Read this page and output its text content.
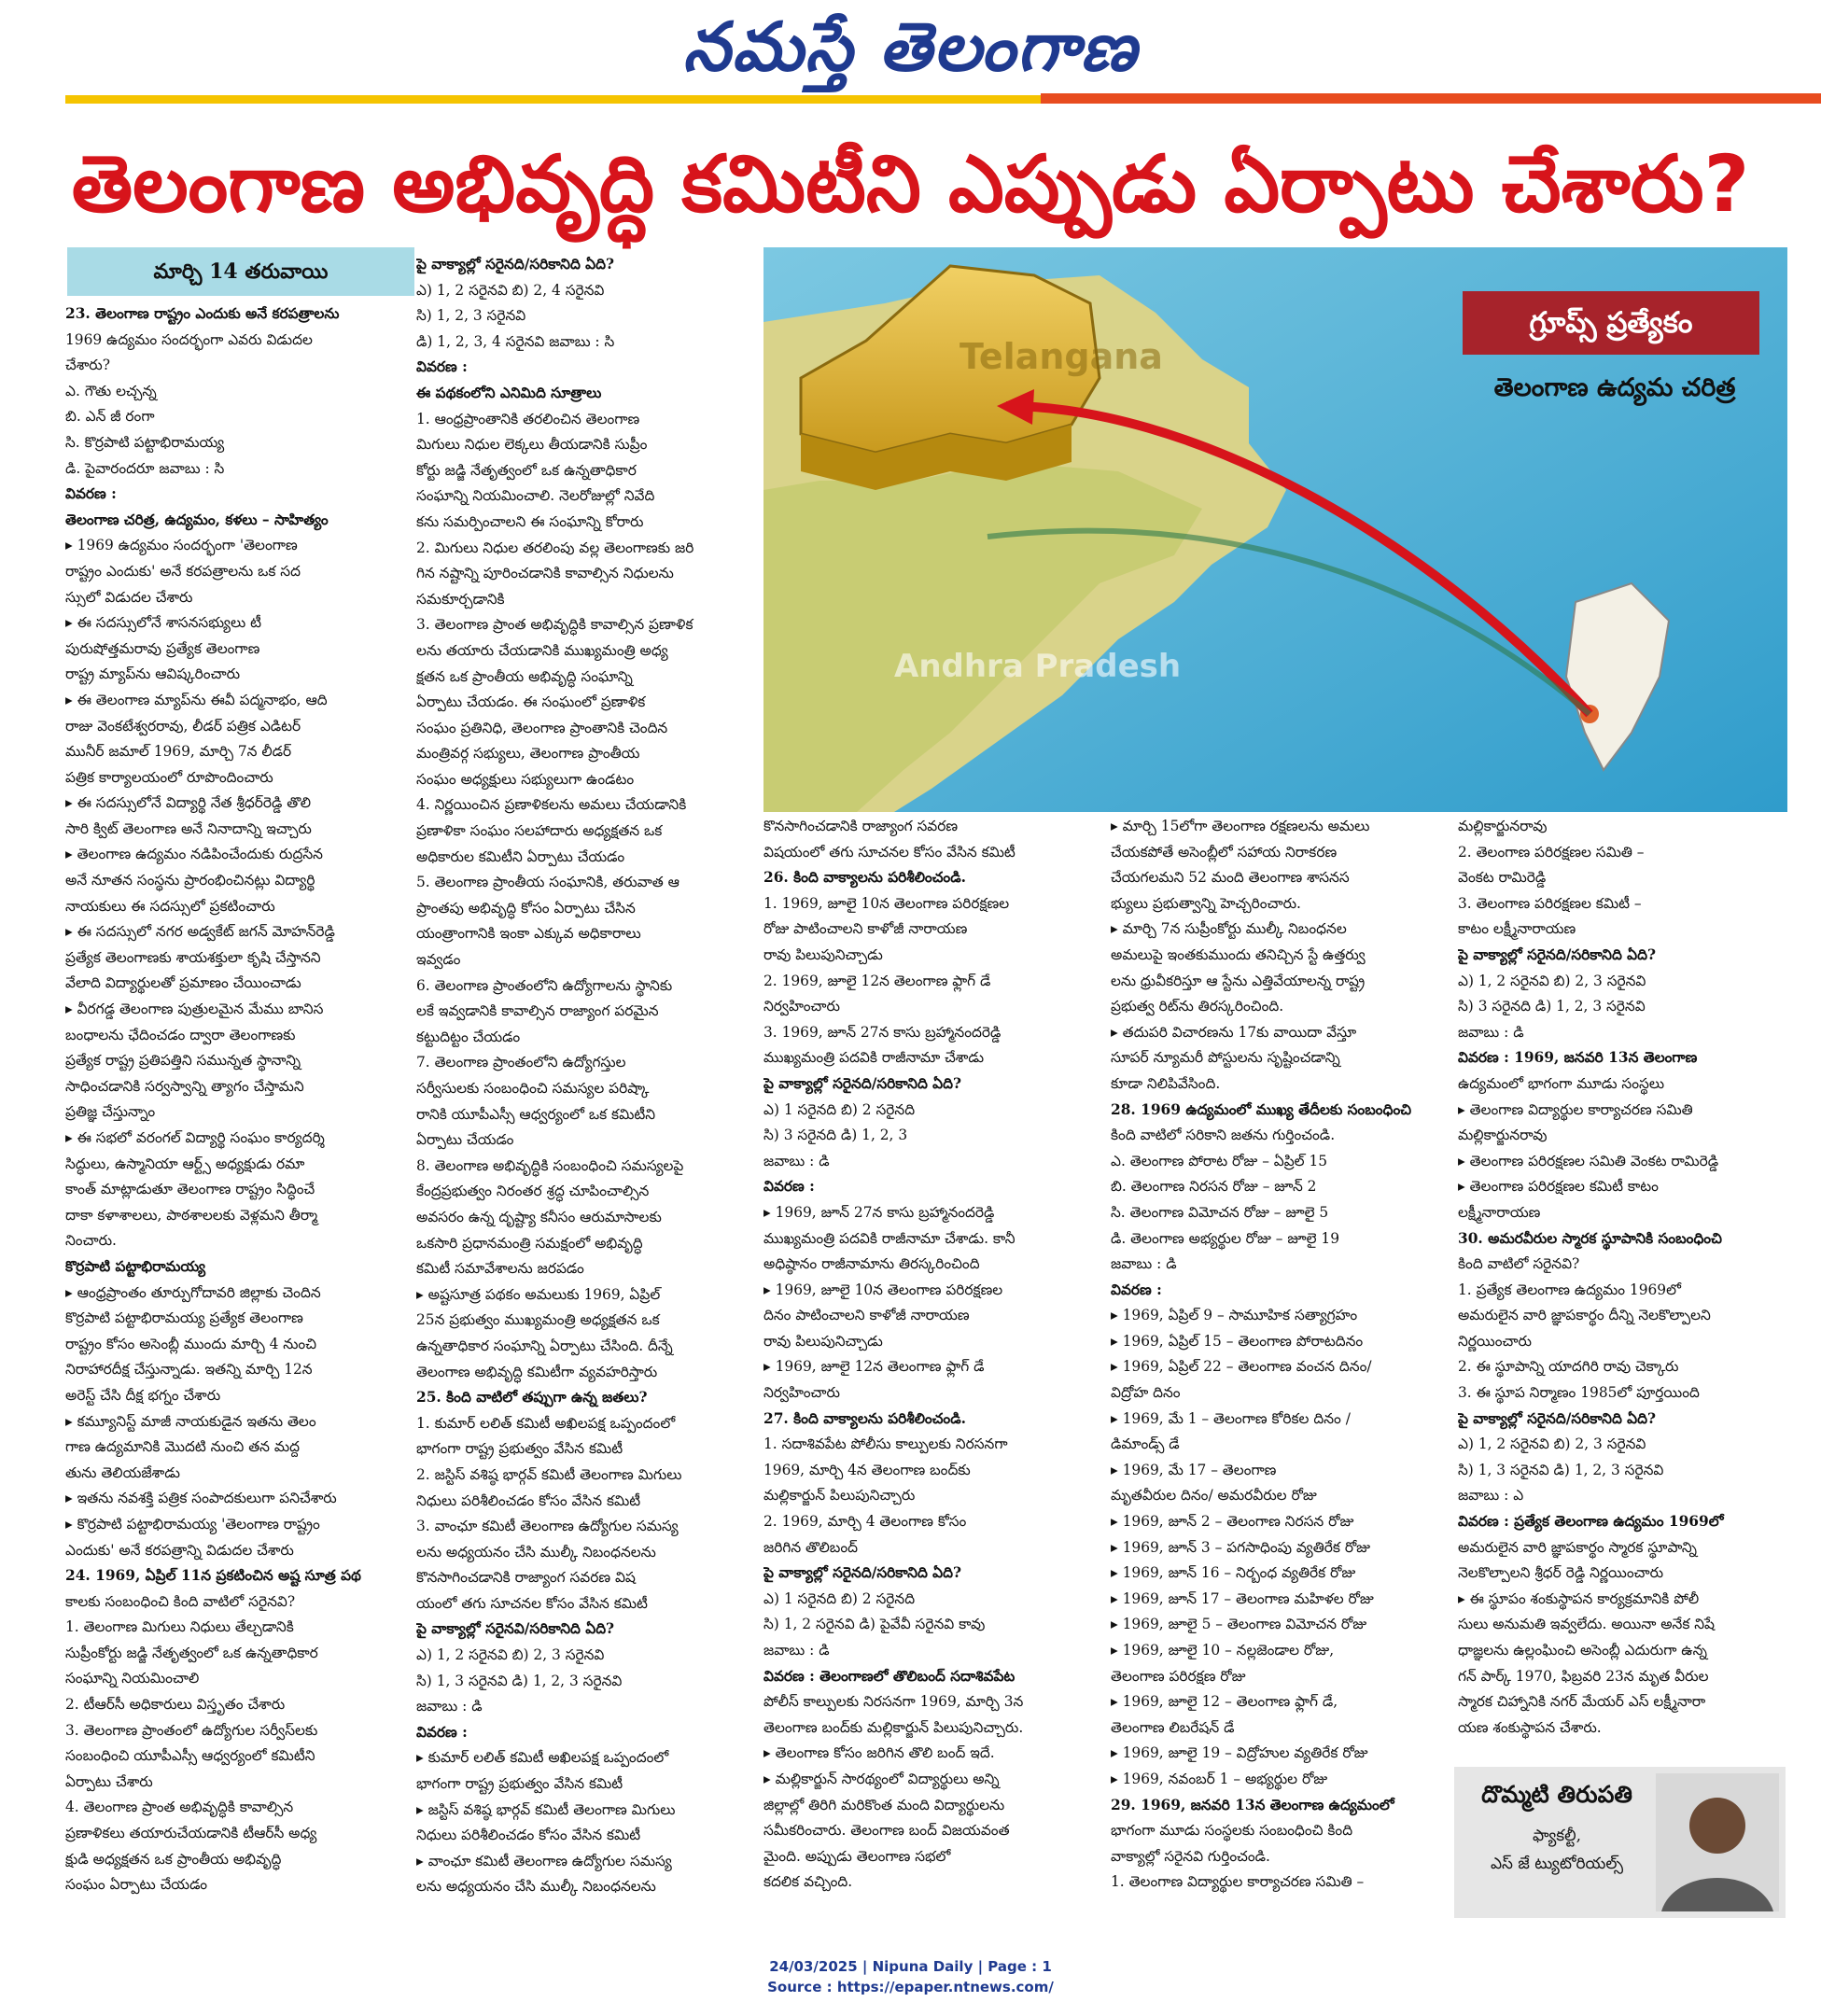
నమస్తే తెలంగాణ
తెలంగాణ అభివృద్ధి కమిటీని ఎప్పుడు ఏర్పాటు చేశారు?
మార్చి 14 తరువాయి
Telangana
Andhra Pradesh
గ్రూప్స్ ప్రత్యేకం
తెలంగాణ ఉద్యమ చరిత్ర
23. తెలంగాణ రాష్ట్రం ఎందుకు అనే కరపత్రాలను
1969 ఉద్యమం సందర్భంగా ఎవరు విడుదల
చేశారు?
ఎ. గౌతు లచ్చన్న
బి. ఎన్ జీ రంగా
సి. కొర్రపాటి పట్టాభిరామయ్య
డి. పైవారందరూ జవాబు : సి
వివరణ :
తెలంగాణ చరిత్ర, ఉద్యమం, కళలు – సాహిత్యం
▸ 1969 ఉద్యమం సందర్భంగా 'తెలంగాణ
రాష్ట్రం ఎందుకు' అనే కరపత్రాలను ఒక సద
స్సులో విడుదల చేశారు
▸ ఈ సదస్సులోనే శాసనసభ్యులు టీ
పురుషోత్తమరావు ప్రత్యేక తెలంగాణ
రాష్ట్ర మ్యాప్‌ను ఆవిష్కరించారు
▸ ఈ తెలంగాణ మ్యాప్‌ను ఈవీ పద్మనాభం, ఆది
రాజు వెంకటేశ్వరరావు, లీడర్ పత్రిక ఎడిటర్
మునీర్ జమాల్ 1969, మార్చి 7న లీడర్
పత్రిక కార్యాలయంలో రూపొందించారు
▸ ఈ సదస్సులోనే విద్యార్థి నేత శ్రీధర్‌రెడ్డి తొలి
సారి క్విట్ తెలంగాణ అనే నినాదాన్ని ఇచ్చారు
▸ తెలంగాణ ఉద్యమం నడిపించేందుకు రుద్రసేన
అనే నూతన సంస్థను ప్రారంభించినట్లు విద్యార్థి
నాయకులు ఈ సదస్సులో ప్రకటించారు
▸ ఈ సదస్సులో నగర అడ్వకేట్ జగన్ మోహన్‌రెడ్డి
ప్రత్యేక తెలంగాణకు శాయశక్తులా కృషి చేస్తానని
వేలాది విద్యార్థులతో ప్రమాణం చేయించాడు
▸ వీరగడ్డ తెలంగాణ పుత్రులమైన మేము బానిస
బంధాలను ఛేదించడం ద్వారా తెలంగాణకు
ప్రత్యేక రాష్ట్ర ప్రతిపత్తిని సమున్నత స్థానాన్ని
సాధించడానికి సర్వస్వాన్ని త్యాగం చేస్తామని
ప్రతిజ్ఞ చేస్తున్నాం
▸ ఈ సభలో వరంగల్ విద్యార్థి సంఘం కార్యదర్శి
సిద్ధులు, ఉస్మానియా ఆర్ట్స్ అధ్యక్షుడు రమా
కాంత్ మాట్లాడుతూ తెలంగాణ రాష్ట్రం సిద్ధించే
దాకా కళాశాలలు, పాఠశాలలకు వెళ్లమని తీర్మా
నించారు.
కొర్రపాటి పట్టాభిరామయ్య
▸ ఆంధ్రప్రాంతం తూర్పుగోదావరి జిల్లాకు చెందిన
కొర్రపాటి పట్టాభిరామయ్య ప్రత్యేక తెలంగాణ
రాష్ట్రం కోసం అసెంబ్లీ ముందు మార్చి 4 నుంచి
నిరాహారదీక్ష చేస్తున్నాడు. ఇతన్ని మార్చి 12న
అరెస్ట్ చేసి దీక్ష భగ్నం చేశారు
▸ కమ్యూనిస్ట్ మాజీ నాయకుడైన ఇతను తెలం
గాణ ఉద్యమానికి మొదటి నుంచి తన మద్ద
తును తెలియజేశాడు
▸ ఇతను నవశక్తి పత్రిక సంపాదకులుగా పనిచేశారు
▸ కొర్రపాటి పట్టాభిరామయ్య 'తెలంగాణ రాష్ట్రం
ఎందుకు' అనే కరపత్రాన్ని విడుదల చేశారు
24. 1969, ఏప్రిల్ 11న ప్రకటించిన అష్ట సూత్ర పథ
కాలకు సంబంధించి కింది వాటిలో సరైనవి?
1. తెలంగాణ మిగులు నిధులు తేల్చడానికి
సుప్రీంకోర్టు జడ్జి నేతృత్వంలో ఒక ఉన్నతాధికార
సంఘాన్ని నియమించాలి
2. టీఆర్‌సీ అధికారులు విస్తృతం చేశారు
3. తెలంగాణ ప్రాంతంలో ఉద్యోగుల సర్వీస్‌లకు
సంబంధించి యూపీఎస్సీ ఆధ్వర్యంలో కమిటీని
ఏర్పాటు చేశారు
4. తెలంగాణ ప్రాంత అభివృద్ధికి కావాల్సిన
ప్రణాళికలు తయారుచేయడానికి టీఆర్‌సీ అధ్య
క్షుడి అధ్యక్షతన ఒక ప్రాంతీయ అభివృద్ధి
సంఘం ఏర్పాటు చేయడం
పై వాక్యాల్లో సరైనది/సరికానిది ఏది?
ఎ) 1, 2 సరైనవి బి) 2, 4 సరైనవి
సి) 1, 2, 3 సరైనవి
డి) 1, 2, 3, 4 సరైనవి జవాబు : సి
వివరణ :
ఈ పథకంలోని ఎనిమిది సూత్రాలు
1. ఆంధ్రప్రాంతానికి తరలించిన తెలంగాణ
మిగులు నిధుల లెక్కలు తీయడానికి సుప్రీం
కోర్టు జడ్జి నేతృత్వంలో ఒక ఉన్నతాధికార
సంఘాన్ని నియమించాలి. నెలరోజుల్లో నివేది
కను సమర్పించాలని ఈ సంఘాన్ని కోరారు
2. మిగులు నిధుల తరలింపు వల్ల తెలంగాణకు జరి
గిన నష్టాన్ని పూరించడానికి కావాల్సిన నిధులను
సమకూర్చడానికి
3. తెలంగాణ ప్రాంత అభివృద్ధికి కావాల్సిన ప్రణాళిక
లను తయారు చేయడానికి ముఖ్యమంత్రి అధ్య
క్షతన ఒక ప్రాంతీయ అభివృద్ధి సంఘాన్ని
ఏర్పాటు చేయడం. ఈ సంఘంలో ప్రణాళిక
సంఘం ప్రతినిధి, తెలంగాణ ప్రాంతానికి చెందిన
మంత్రివర్గ సభ్యులు, తెలంగాణ ప్రాంతీయ
సంఘం అధ్యక్షులు సభ్యులుగా ఉండటం
4. నిర్ణయించిన ప్రణాళికలను అమలు చేయడానికి
ప్రణాళికా సంఘం సలహాదారు అధ్యక్షతన ఒక
అధికారుల కమిటీని ఏర్పాటు చేయడం
5. తెలంగాణ ప్రాంతీయ సంఘానికి, తరువాత ఆ
ప్రాంతపు అభివృద్ధి కోసం ఏర్పాటు చేసిన
యంత్రాంగానికి ఇంకా ఎక్కువ అధికారాలు
ఇవ్వడం
6. తెలంగాణ ప్రాంతంలోని ఉద్యోగాలను స్థానికు
లకే ఇవ్వడానికి కావాల్సిన రాజ్యాంగ పరమైన
కట్టుదిట్టం చేయడం
7. తెలంగాణ ప్రాంతంలోని ఉద్యోగస్తుల
సర్వీసులకు సంబంధించి సమస్యల పరిష్కా
రానికి యూపీఎస్సీ ఆధ్వర్యంలో ఒక కమిటీని
ఏర్పాటు చేయడం
8. తెలంగాణ అభివృద్ధికి సంబంధించి సమస్యలపై
కేంద్రప్రభుత్వం నిరంతర శ్రద్ధ చూపించాల్సిన
అవసరం ఉన్న దృష్ట్యా కనీసం ఆరుమాసాలకు
ఒకసారి ప్రధానమంత్రి సమక్షంలో అభివృద్ధి
కమిటీ సమావేశాలను జరపడం
▸ అష్టసూత్ర పథకం అమలుకు 1969, ఏప్రిల్
25న ప్రభుత్వం ముఖ్యమంత్రి అధ్యక్షతన ఒక
ఉన్నతాధికార సంఘాన్ని ఏర్పాటు చేసింది. దీన్నే
తెలంగాణ అభివృద్ధి కమిటీగా వ్యవహరిస్తారు
25. కింది వాటిలో తప్పుగా ఉన్న జతలు?
1. కుమార్ లలిత్ కమిటీ అఖిలపక్ష ఒప్పందంలో
భాగంగా రాష్ట్ర ప్రభుత్వం వేసిన కమిటీ
2. జస్టిస్ వశిష్ఠ భార్గవ్ కమిటీ తెలంగాణ మిగులు
నిధులు పరిశీలించడం కోసం వేసిన కమిటీ
3. వాంఛూ కమిటీ తెలంగాణ ఉద్యోగుల సమస్య
లను అధ్యయనం చేసి ముల్కీ నిబంధనలను
కొనసాగించడానికి రాజ్యాంగ సవరణ విష
యంలో తగు సూచనల కోసం వేసిన కమిటీ
పై వాక్యాల్లో సరైనవి/సరికానిది ఏది?
ఎ) 1, 2 సరైనవి బి) 2, 3 సరైనవి
సి) 1, 3 సరైనవి డి) 1, 2, 3 సరైనవి
జవాబు : డి
వివరణ :
▸ కుమార్ లలిత్ కమిటీ అఖిలపక్ష ఒప్పందంలో
భాగంగా రాష్ట్ర ప్రభుత్వం వేసిన కమిటీ
▸ జస్టిస్ వశిష్ఠ భార్గవ్ కమిటీ తెలంగాణ మిగులు
నిధులు పరిశీలించడం కోసం వేసిన కమిటీ
▸ వాంఛూ కమిటీ తెలంగాణ ఉద్యోగుల సమస్య
లను అధ్యయనం చేసి ముల్కీ నిబంధనలను
కొనసాగించడానికి రాజ్యాంగ సవరణ
విషయంలో తగు సూచనల కోసం వేసిన కమిటీ
26. కింది వాక్యాలను పరిశీలించండి.
1. 1969, జూలై 10న తెలంగాణ పరిరక్షణల
రోజు పాటించాలని కాళోజీ నారాయణ
రావు పిలుపునిచ్చాడు
2. 1969, జూలై 12న తెలంగాణ ఫ్లాగ్ డే
నిర్వహించారు
3. 1969, జూన్ 27న కాసు బ్రహ్మానందరెడ్డి
ముఖ్యమంత్రి పదవికి రాజీనామా చేశాడు
పై వాక్యాల్లో సరైనది/సరికానిది ఏది?
ఎ) 1 సరైనది బి) 2 సరైనది
సి) 3 సరైనది డి) 1, 2, 3
జవాబు : డి
వివరణ :
▸ 1969, జూన్ 27న కాసు బ్రహ్మానందరెడ్డి
ముఖ్యమంత్రి పదవికి రాజీనామా చేశాడు. కానీ
అధిష్ఠానం రాజీనామాను తిరస్కరించింది
▸ 1969, జూలై 10న తెలంగాణ పరిరక్షణల
దినం పాటించాలని కాళోజీ నారాయణ
రావు పిలుపునిచ్చాడు
▸ 1969, జూలై 12న తెలంగాణ ఫ్లాగ్ డే
నిర్వహించారు
27. కింది వాక్యాలను పరిశీలించండి.
1. సదాశివపేట పోలీసు కాల్పులకు నిరసనగా
1969, మార్చి 4న తెలంగాణ బంద్‌కు
మల్లికార్జున్ పిలుపునిచ్చారు
2. 1969, మార్చి 4 తెలంగాణ కోసం
జరిగిన తొలిబంద్
పై వాక్యాల్లో సరైనది/సరికానిది ఏది?
ఎ) 1 సరైనది బి) 2 సరైనది
సి) 1, 2 సరైనవి డి) పైవేవీ సరైనవి కావు
జవాబు : డి
వివరణ : తెలంగాణలో తొలిబంద్ సదాశివపేట
పోలీస్ కాల్పులకు నిరసనగా 1969, మార్చి 3న
తెలంగాణ బంద్‌కు మల్లికార్జున్ పిలుపునిచ్చారు.
▸ తెలంగాణ కోసం జరిగిన తొలి బంద్ ఇదే.
▸ మల్లికార్జున్ సారథ్యంలో విద్యార్థులు అన్ని
జిల్లాల్లో తిరిగి మరికొంత మంది విద్యార్థులను
సమీకరించారు. తెలంగాణ బంద్ విజయవంత
మైంది. అప్పుడు తెలంగాణ సభలో
కదలిక వచ్చింది.
▸ మార్చి 15లోగా తెలంగాణ రక్షణలను అమలు
చేయకపోతే అసెంబ్లీలో సహాయ నిరాకరణ
చేయగలమని 52 మంది తెలంగాణ శాసనస
భ్యులు ప్రభుత్వాన్ని హెచ్చరించారు.
▸ మార్చి 7న సుప్రీంకోర్టు ముల్కీ నిబంధనల
అమలుపై ఇంతకుముందు తనిచ్చిన స్టే ఉత్తర్వు
లను ధ్రువీకరిస్తూ ఆ స్టేను ఎత్తివేయాలన్న రాష్ట్ర
ప్రభుత్వ రిట్‌ను తిరస్కరించింది.
▸ తదుపరి విచారణను 17కు వాయిదా వేస్తూ
సూపర్ న్యూమరీ పోస్టులను సృష్టించడాన్ని
కూడా నిలిపివేసింది.
28. 1969 ఉద్యమంలో ముఖ్య తేదీలకు సంబంధించి
కింది వాటిలో సరికాని జతను గుర్తించండి.
ఎ. తెలంగాణ పోరాట రోజు – ఏప్రిల్ 15
బి. తెలంగాణ నిరసన రోజు – జూన్ 2
సి. తెలంగాణ విమోచన రోజు – జూలై 5
డి. తెలంగాణ అభ్యర్థుల రోజు – జూలై 19
జవాబు : డి
వివరణ :
▸ 1969, ఏప్రిల్ 9 – సామూహిక సత్యాగ్రహం
▸ 1969, ఏప్రిల్ 15 – తెలంగాణ పోరాటదినం
▸ 1969, ఏప్రిల్ 22 – తెలంగాణ వంచన దినం/
విద్రోహ దినం
▸ 1969, మే 1 – తెలంగాణ కోరికల దినం /
డిమాండ్స్ డే
▸ 1969, మే 17 – తెలంగాణ
మృతవీరుల దినం/ అమరవీరుల రోజు
▸ 1969, జూన్ 2 – తెలంగాణ నిరసన రోజు
▸ 1969, జూన్ 3 – పగసాధింపు వ్యతిరేక రోజు
▸ 1969, జూన్ 16 – నిర్బంధ వ్యతిరేక రోజు
▸ 1969, జూన్ 17 – తెలంగాణ మహిళల రోజు
▸ 1969, జూలై 5 – తెలంగాణ విమోచన రోజు
▸ 1969, జూలై 10 – నల్లజెండాల రోజు,
తెలంగాణ పరిరక్షణ రోజు
▸ 1969, జూలై 12 – తెలంగాణ ఫ్లాగ్ డే,
తెలంగాణ లిబరేషన్ డే
▸ 1969, జూలై 19 – విద్రోహుల వ్యతిరేక రోజు
▸ 1969, నవంబర్ 1 – అభ్యర్థుల రోజు
29. 1969, జనవరి 13న తెలంగాణ ఉద్యమంలో
భాగంగా మూడు సంస్థలకు సంబంధించి కింది
వాక్యాల్లో సరైనవి గుర్తించండి.
1. తెలంగాణ విద్యార్థుల కార్యాచరణ సమితి –
మల్లికార్జునరావు
2. తెలంగాణ పరిరక్షణల సమితి –
వెంకట రామిరెడ్డి
3. తెలంగాణ పరిరక్షణల కమిటీ –
కాటం లక్ష్మీనారాయణ
పై వాక్యాల్లో సరైనది/సరికానిది ఏది?
ఎ) 1, 2 సరైనవి బి) 2, 3 సరైనవి
సి) 3 సరైనది డి) 1, 2, 3 సరైనవి
జవాబు : డి
వివరణ : 1969, జనవరి 13న తెలంగాణ
ఉద్యమంలో భాగంగా మూడు సంస్థలు
▸ తెలంగాణ విద్యార్థుల కార్యాచరణ సమితి
మల్లికార్జునరావు
▸ తెలంగాణ పరిరక్షణల సమితి వెంకట రామిరెడ్డి
▸ తెలంగాణ పరిరక్షణల కమిటీ కాటం
లక్ష్మీనారాయణ
30. అమరవీరుల స్మారక స్థూపానికి సంబంధించి
కింది వాటిలో సరైనవి?
1. ప్రత్యేక తెలంగాణ ఉద్యమం 1969లో
అమరులైన వారి జ్ఞాపకార్థం దీన్ని నెలకొల్పాలని
నిర్ణయించారు
2. ఈ స్థూపాన్ని యాదగిరి రావు చెక్కారు
3. ఈ స్థూప నిర్మాణం 1985లో పూర్తయింది
పై వాక్యాల్లో సరైనది/సరికానిది ఏది?
ఎ) 1, 2 సరైనవి బి) 2, 3 సరైనవి
సి) 1, 3 సరైనవి డి) 1, 2, 3 సరైనవి
జవాబు : ఎ
వివరణ : ప్రత్యేక తెలంగాణ ఉద్యమం 1969లో
అమరులైన వారి జ్ఞాపకార్థం స్మారక స్థూపాన్ని
నెలకొల్పాలని శ్రీధర్ రెడ్డి నిర్ణయించారు
▸ ఈ స్థూపం శంకుస్థాపన కార్యక్రమానికి పోలీ
సులు అనుమతి ఇవ్వలేదు. అయినా అనేక నిషే
ధాజ్ఞలను ఉల్లంఘించి అసెంబ్లీ ఎదురుగా ఉన్న
గన్ పార్క్ 1970, ఫిబ్రవరి 23న మృత వీరుల
స్మారక చిహ్నానికి నగర్ మేయర్ ఎస్ లక్ష్మీనారా
యణ శంకుస్థాపన చేశారు.
దొమ్మటి తిరుపతి
ఫ్యాకల్టీ,
ఎస్ జే ట్యుటోరియల్స్
24/03/2025 | Nipuna Daily | Page : 1
Source : https://epaper.ntnews.com/
